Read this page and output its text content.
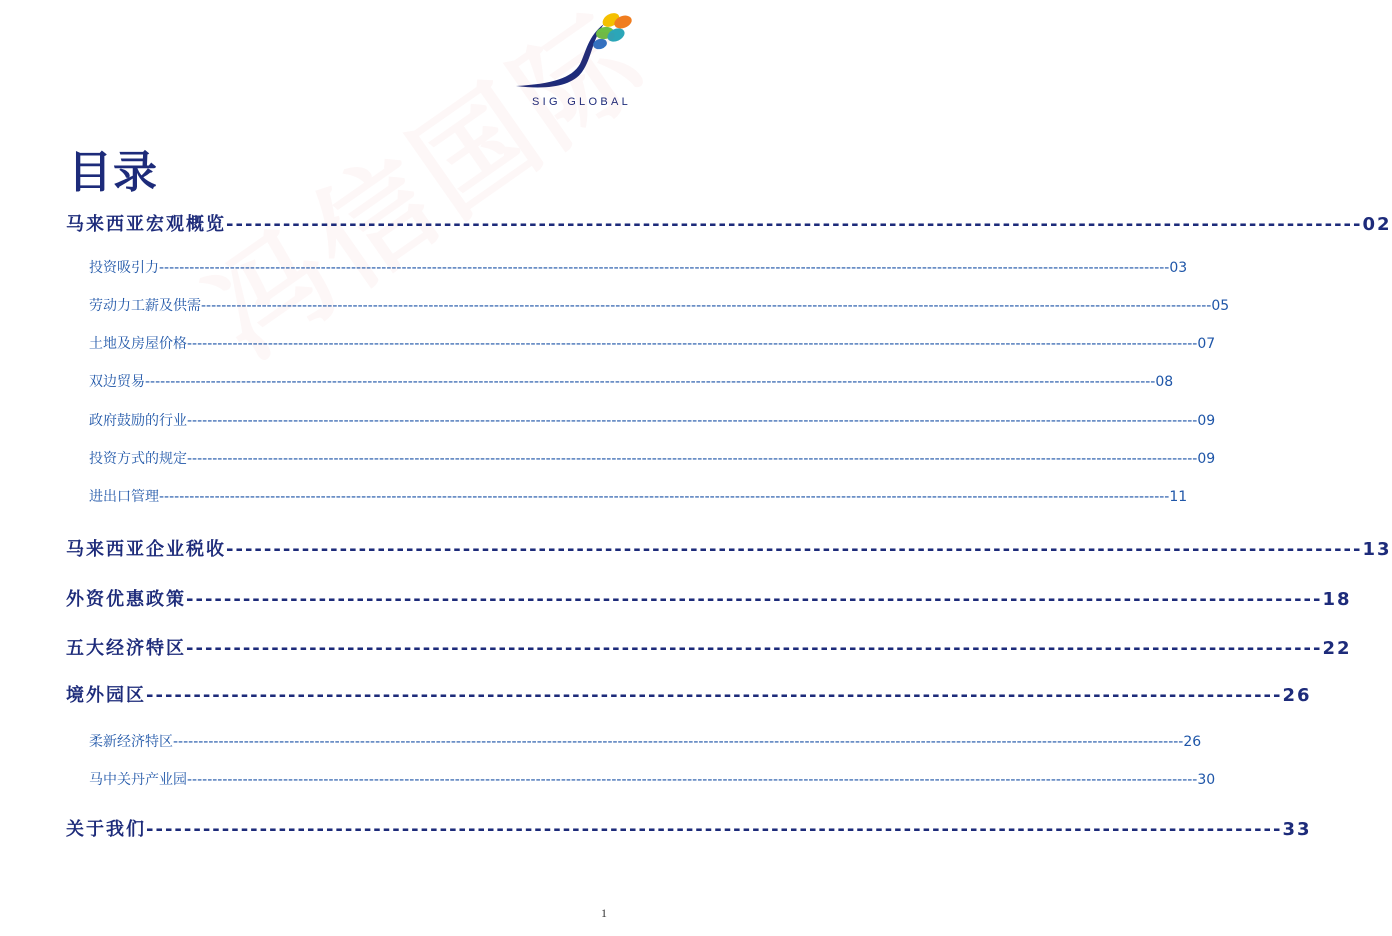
SIG GLOBAL
目录
马来西亚宏观概览 ------------------------------------------------------------------------------------------------------------------------ 02
投资吸引力 -------------------------------------------------------------------------------------------------------------------------------------------------------------------------------------------------------- 03
劳动力工薪及供需 -------------------------------------------------------------------------------------------------------------------------------------------------------------------------------------------------------- 05
土地及房屋价格 -------------------------------------------------------------------------------------------------------------------------------------------------------------------------------------------------------- 07
双边贸易 -------------------------------------------------------------------------------------------------------------------------------------------------------------------------------------------------------- 08
政府鼓励的行业 -------------------------------------------------------------------------------------------------------------------------------------------------------------------------------------------------------- 09
投资方式的规定 -------------------------------------------------------------------------------------------------------------------------------------------------------------------------------------------------------- 09
进出口管理 -------------------------------------------------------------------------------------------------------------------------------------------------------------------------------------------------------- 11
马来西亚企业税收 ------------------------------------------------------------------------------------------------------------------------ 13
外资优惠政策 ------------------------------------------------------------------------------------------------------------------------ 18
五大经济特区 ------------------------------------------------------------------------------------------------------------------------ 22
境外园区 ------------------------------------------------------------------------------------------------------------------------ 26
柔新经济特区 -------------------------------------------------------------------------------------------------------------------------------------------------------------------------------------------------------- 26
马中关丹产业园 -------------------------------------------------------------------------------------------------------------------------------------------------------------------------------------------------------- 30
关于我们 ------------------------------------------------------------------------------------------------------------------------ 33
1
